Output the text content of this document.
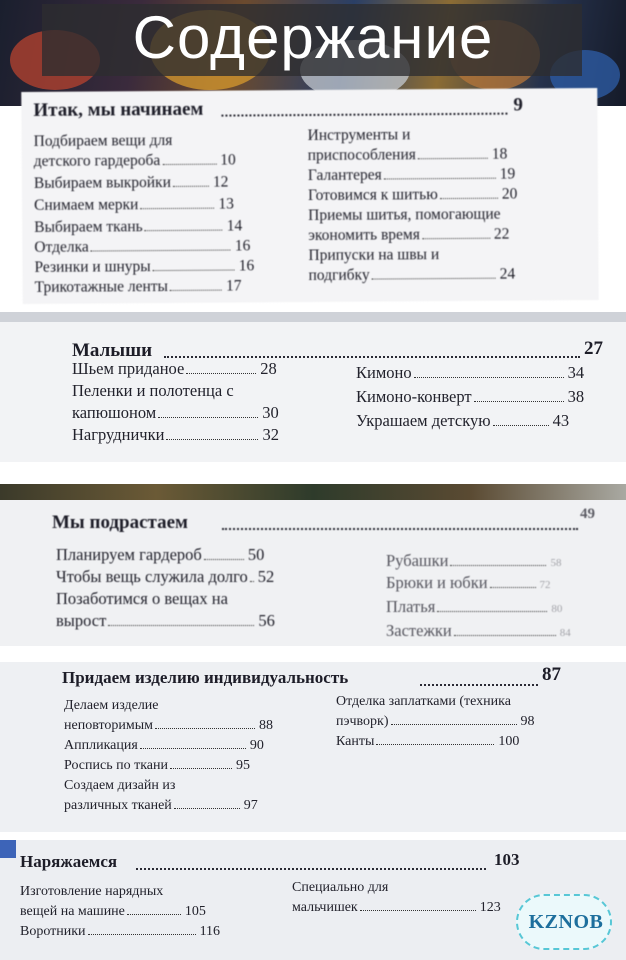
Содержание
Итак, мы начинаем	9
Подбираем вещи для
детского гардероба	10
Выбираем выкройки	12
Снимаем мерки	13
Выбираем ткань	14
Отделка	16
Резинки и шнуры	16
Трикотажные ленты	17
Инструменты и
приспособления	18
Галантерея	19
Готовимся к шитью	20
Приемы шитья, помогающие
экономить время	22
Припуски на швы и
подгибку	24
Малыши	27
Шьем приданое	28
Пеленки и полотенца с
капюшоном	30
Нагруднички	32
Кимоно	34
Кимоно-конверт	38
Украшаем детскую	43
Мы подрастаем	49
Планируем гардероб	50
Чтобы вещь служила долго 52
Позаботимся о вещах на
вырост	56
Рубашки	58
Брюки и юбки	72
Платья	80
Застежки	84
Придаем изделию индивидуальность	87
Делаем изделие
неповторимым	88
Аппликация	90
Роспись по ткани	95
Создаем дизайн из
различных тканей	97
Отделка заплатками (техника
пэчворк)	98
Канты	100
Наряжаемся	103
Изготовление нарядных
вещей на машине	105
Воротники	116
Специально для
мальчишек	123
KZNOB
